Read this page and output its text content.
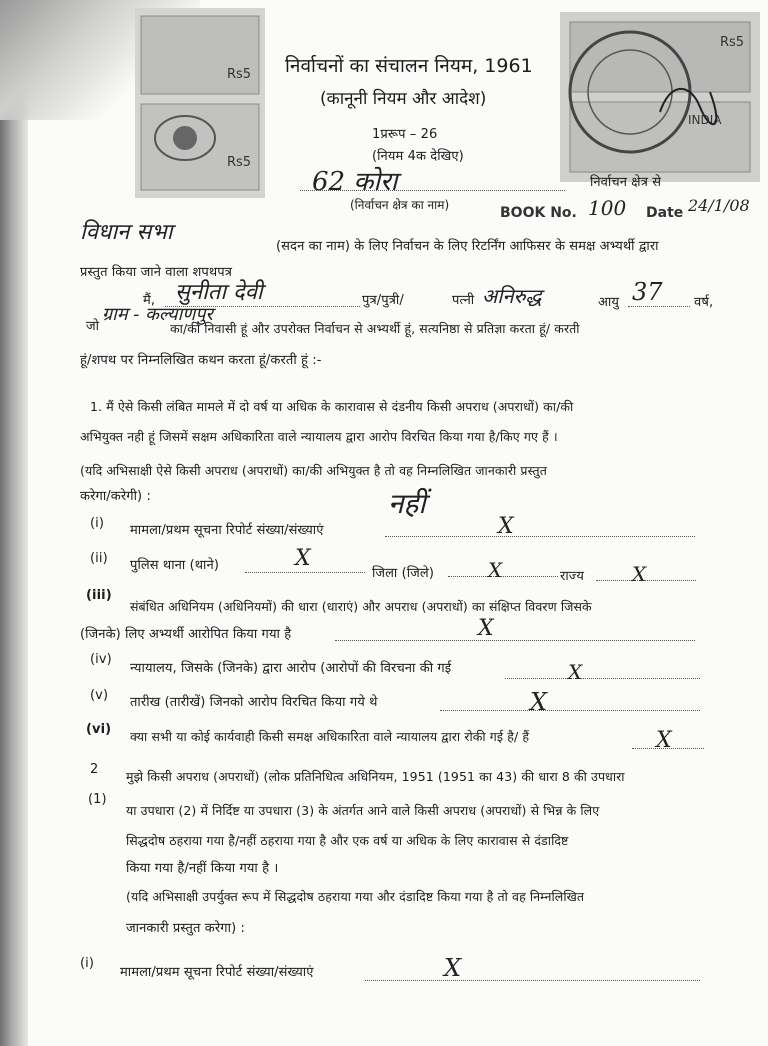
Rs5
Rs5
Rs5
INDIA
निर्वाचनों का संचालन नियम, 1961
(कानूनी नियम और आदेश)
1प्ररूप – 26
(नियम 4क देखिए)
62 कोरा	निर्वाचन क्षेत्र से
(निर्वाचन क्षेत्र का नाम)	BOOK No. 100 Date 24/1/08
विधान सभा
(सदन का नाम) के लिए निर्वाचन के लिए रिटर्निंग आफिसर के समक्ष अभ्यर्थी द्वारा
प्रस्तुत किया जाने वाला शपथपत्र
मैं, सुनीता देवी	पुत्र/पुत्री/	पत्नी अनिरुद्ध	आयु 37 वर्ष,
जो
ग्राम - कल्याणपुर
का/की निवासी हूं और उपरोक्त निर्वाचन से अभ्यर्थी हूं, सत्यनिष्ठा से प्रतिज्ञा करता हूं/ करती
हूं/शपथ पर निम्नलिखित कथन करता हूं/करती हूं :-
1. मैं ऐसे किसी लंबित मामले में दो वर्ष या अधिक के कारावास से दंडनीय किसी अपराध (अपराधों) का/की
अभियुक्त नही हूं जिसमें सक्षम अधिकारिता वाले न्यायालय द्वारा आरोप विरचित किया गया है/किए गए हैं ।
(यदि अभिसाक्षी ऐसे किसी अपराध (अपराधों) का/की अभियुक्त है तो वह निम्नलिखित जानकारी प्रस्तुत
करेगा/करेगी) :	नहीं
(i) मामला/प्रथम सूचना रिपोर्ट संख्या/संख्याएं	X
(ii) पुलिस थाना (थाने)	X
जिला (जिले)	X	राज्य X
(iii)
संबंधित अधिनियम (अधिनियमों) की धारा (धाराएं) और अपराध (अपराधों) का संक्षिप्त विवरण जिसके
(जिनके) लिए अभ्यर्थी आरोपित किया गया है	X
(iv)
न्यायालय, जिसके (जिनके) द्वारा आरोप (आरोपों की विरचना की गई	X
(v) तारीख (तारीखें) जिनको आरोप विरचित किया गये थे	X
(vi) क्या सभी या कोई कार्यवाही किसी समक्ष अधिकारिता वाले न्यायालय द्वारा रोकी गई है/ हैं	X
2 मुझे किसी अपराध (अपराधों) (लोक प्रतिनिधित्व अधिनियम, 1951 (1951 का 43) की धारा 8 की उपधारा
(1)
या उपधारा (2) में निर्दिष्ट या उपधारा (3) के अंतर्गत आने वाले किसी अपराध (अपराधों) से भिन्न के लिए
सिद्धदोष ठहराया गया है/नहीं ठहराया गया है और एक वर्ष या अधिक के लिए कारावास से दंडादिष्ट
किया गया है/नहीं किया गया है ।
(यदि अभिसाक्षी उपर्युक्त रूप में सिद्धदोष ठहराया गया और दंडादिष्ट किया गया है तो वह निम्नलिखित
जानकारी प्रस्तुत करेगा) :
(i)
मामला/प्रथम सूचना रिपोर्ट संख्या/संख्याएं	X
